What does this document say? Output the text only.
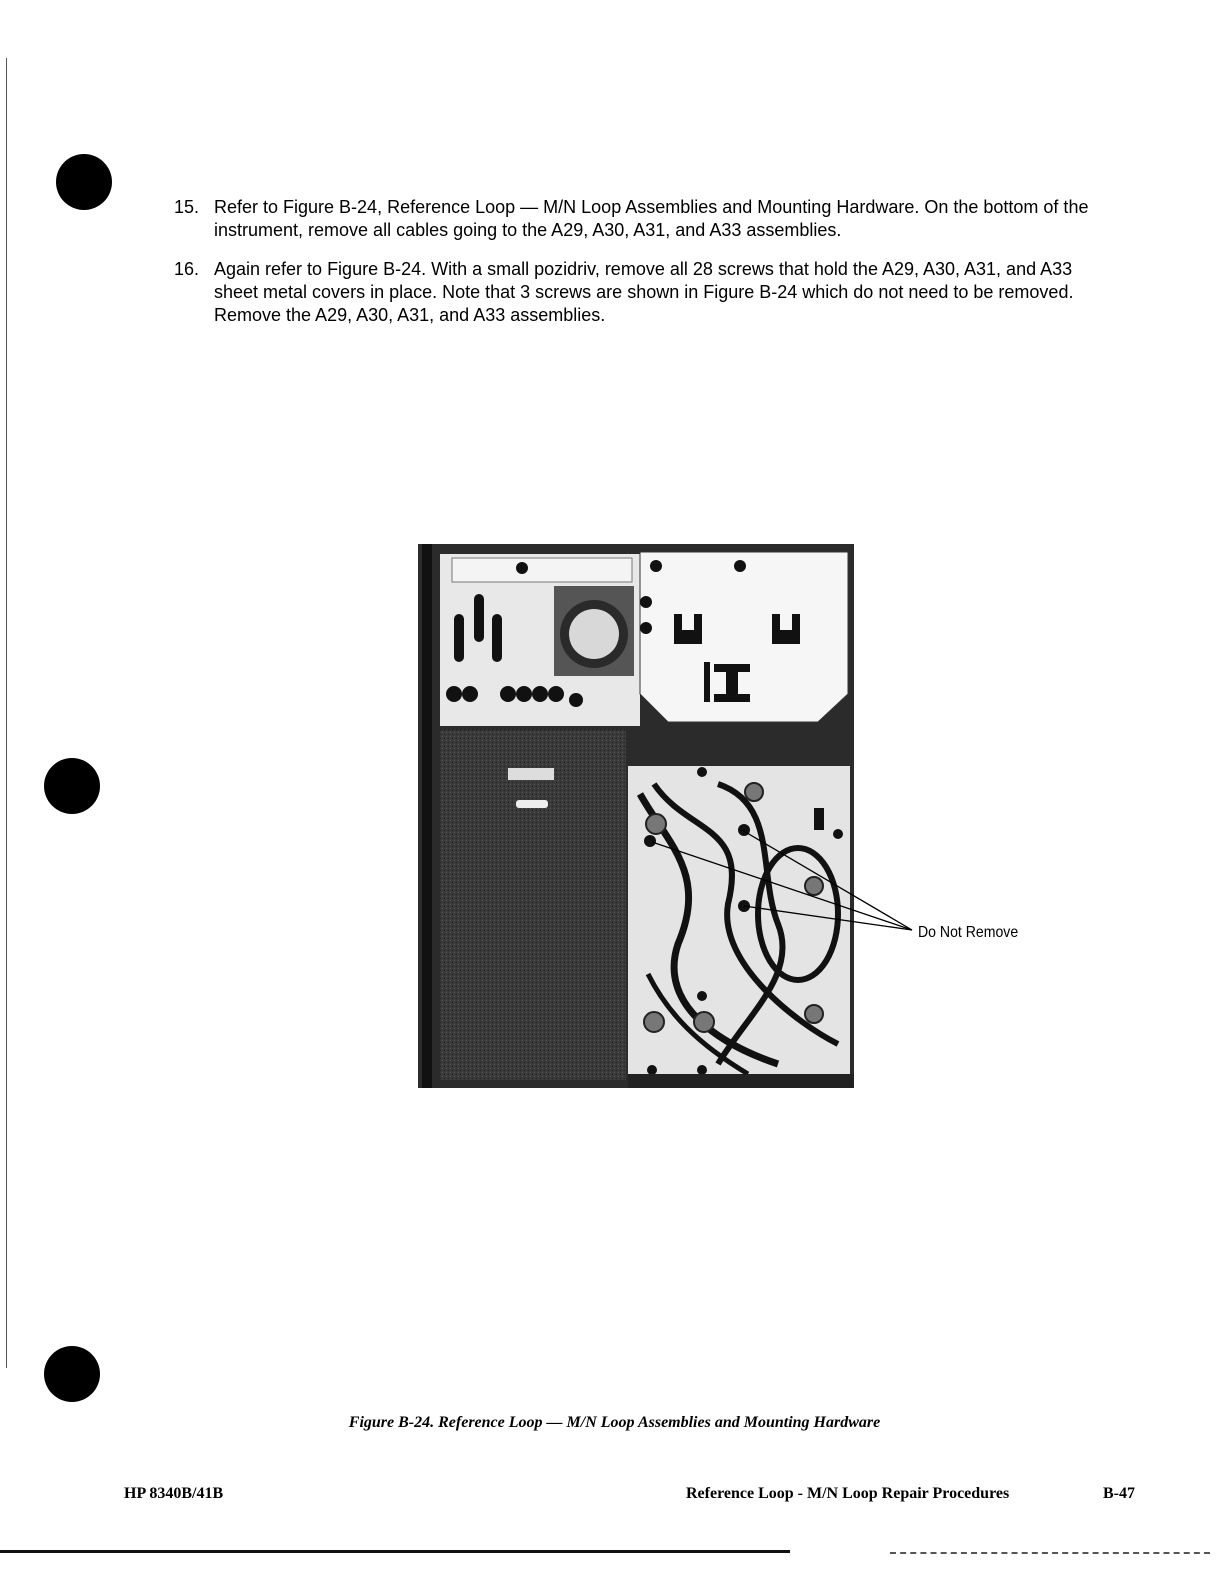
15. Refer to Figure B-24, Reference Loop — M/N Loop Assemblies and Mounting Hardware. On the bottom of the instrument, remove all cables going to the A29, A30, A31, and A33 assemblies.
16. Again refer to Figure B-24. With a small pozidriv, remove all 28 screws that hold the A29, A30, A31, and A33 sheet metal covers in place. Note that 3 screws are shown in Figure B-24 which do not need to be removed. Remove the A29, A30, A31, and A33 assemblies.
Do Not Remove
Figure B-24. Reference Loop — M/N Loop Assemblies and Mounting Hardware
HP 8340B/41B	Reference Loop - M/N Loop Repair Procedures	B-47
